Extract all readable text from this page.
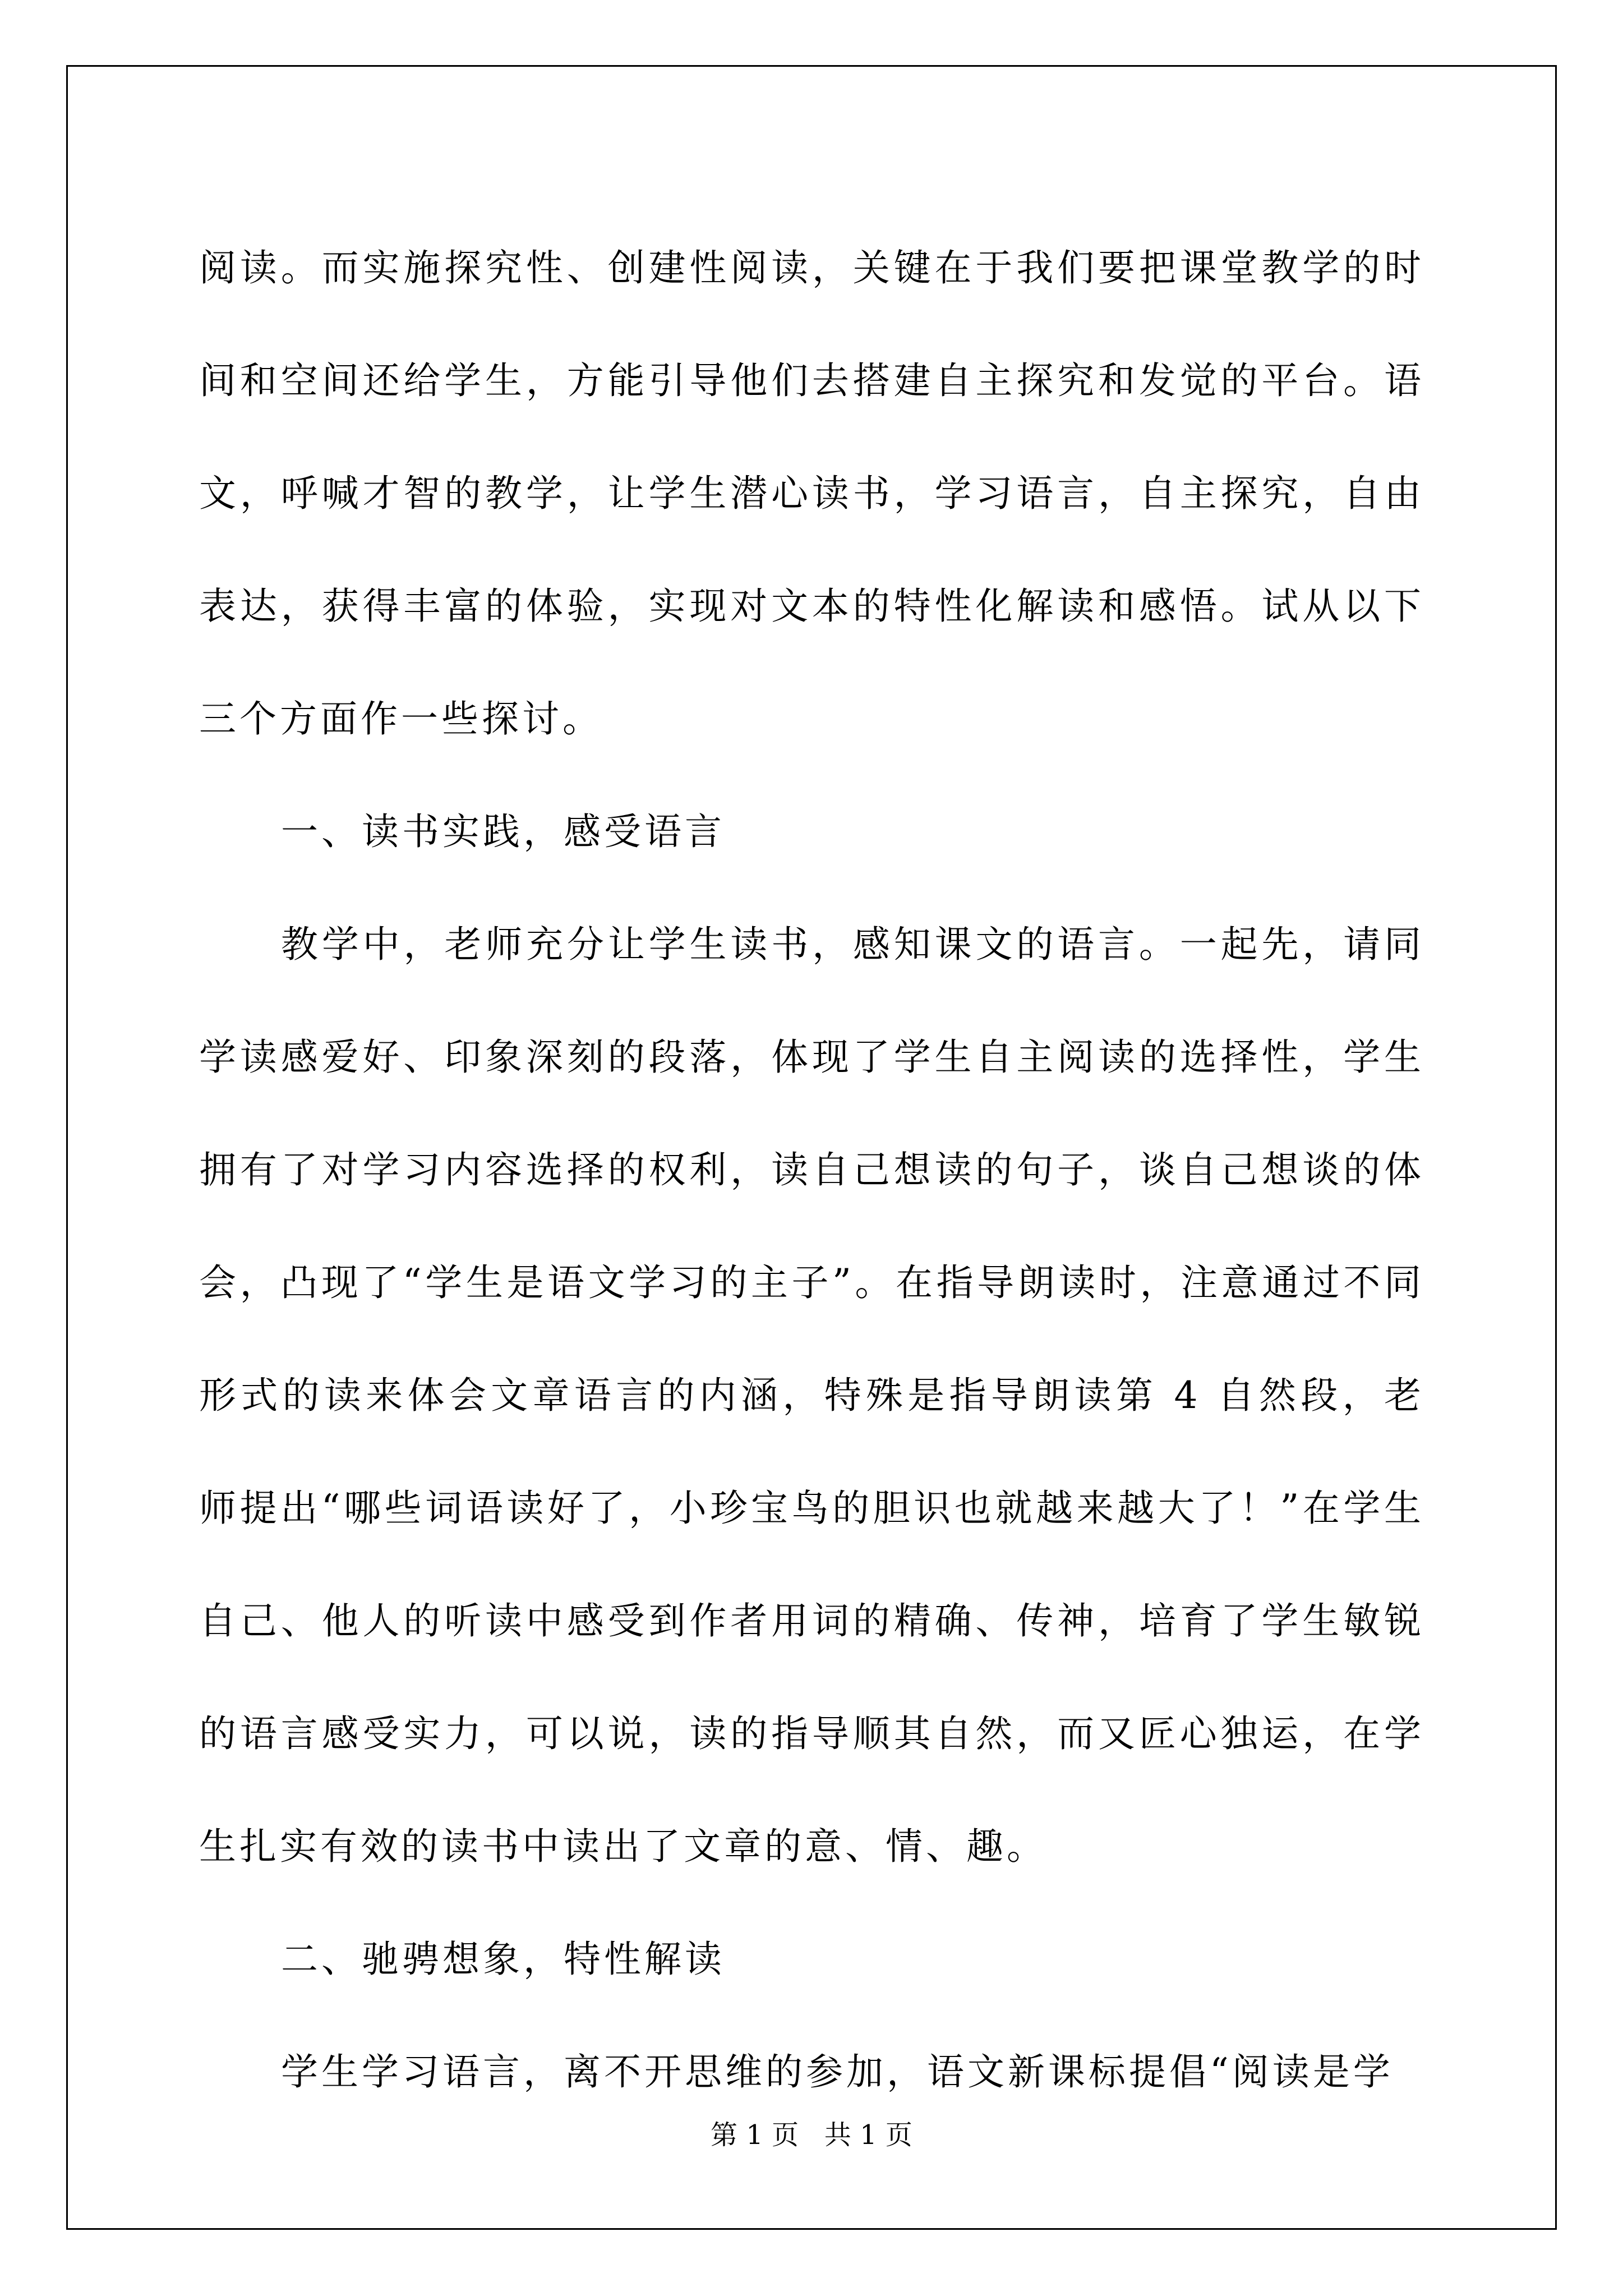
阅读。而实施探究性、创建性阅读，关键在于我们要把课堂教学的时间和空间还给学生，方能引导他们去搭建自主探究和发觉的平台。语文，呼喊才智的教学，让学生潜心读书，学习语言，自主探究，自由表达，获得丰富的体验，实现对文本的特性化解读和感悟。试从以下三个方面作一些探讨。

一、读书实践，感受语言

教学中，老师充分让学生读书，感知课文的语言。一起先，请同学读感爱好、印象深刻的段落，体现了学生自主阅读的选择性，学生拥有了对学习内容选择的权利，读自己想读的句子，谈自己想谈的体会，凸现了“学生是语文学习的主子”。在指导朗读时，注意通过不同形式的读来体会文章语言的内涵，特殊是指导朗读第 4 自然段，老师提出“哪些词语读好了，小珍宝鸟的胆识也就越来越大了！”在学生自己、他人的听读中感受到作者用词的精确、传神，培育了学生敏锐的语言感受实力，可以说，读的指导顺其自然，而又匠心独运，在学生扎实有效的读书中读出了文章的意、情、趣。

二、驰骋想象，特性解读

学生学习语言，离不开思维的参加，语文新课标提倡“阅读是学

第 1 页   共 1 页
